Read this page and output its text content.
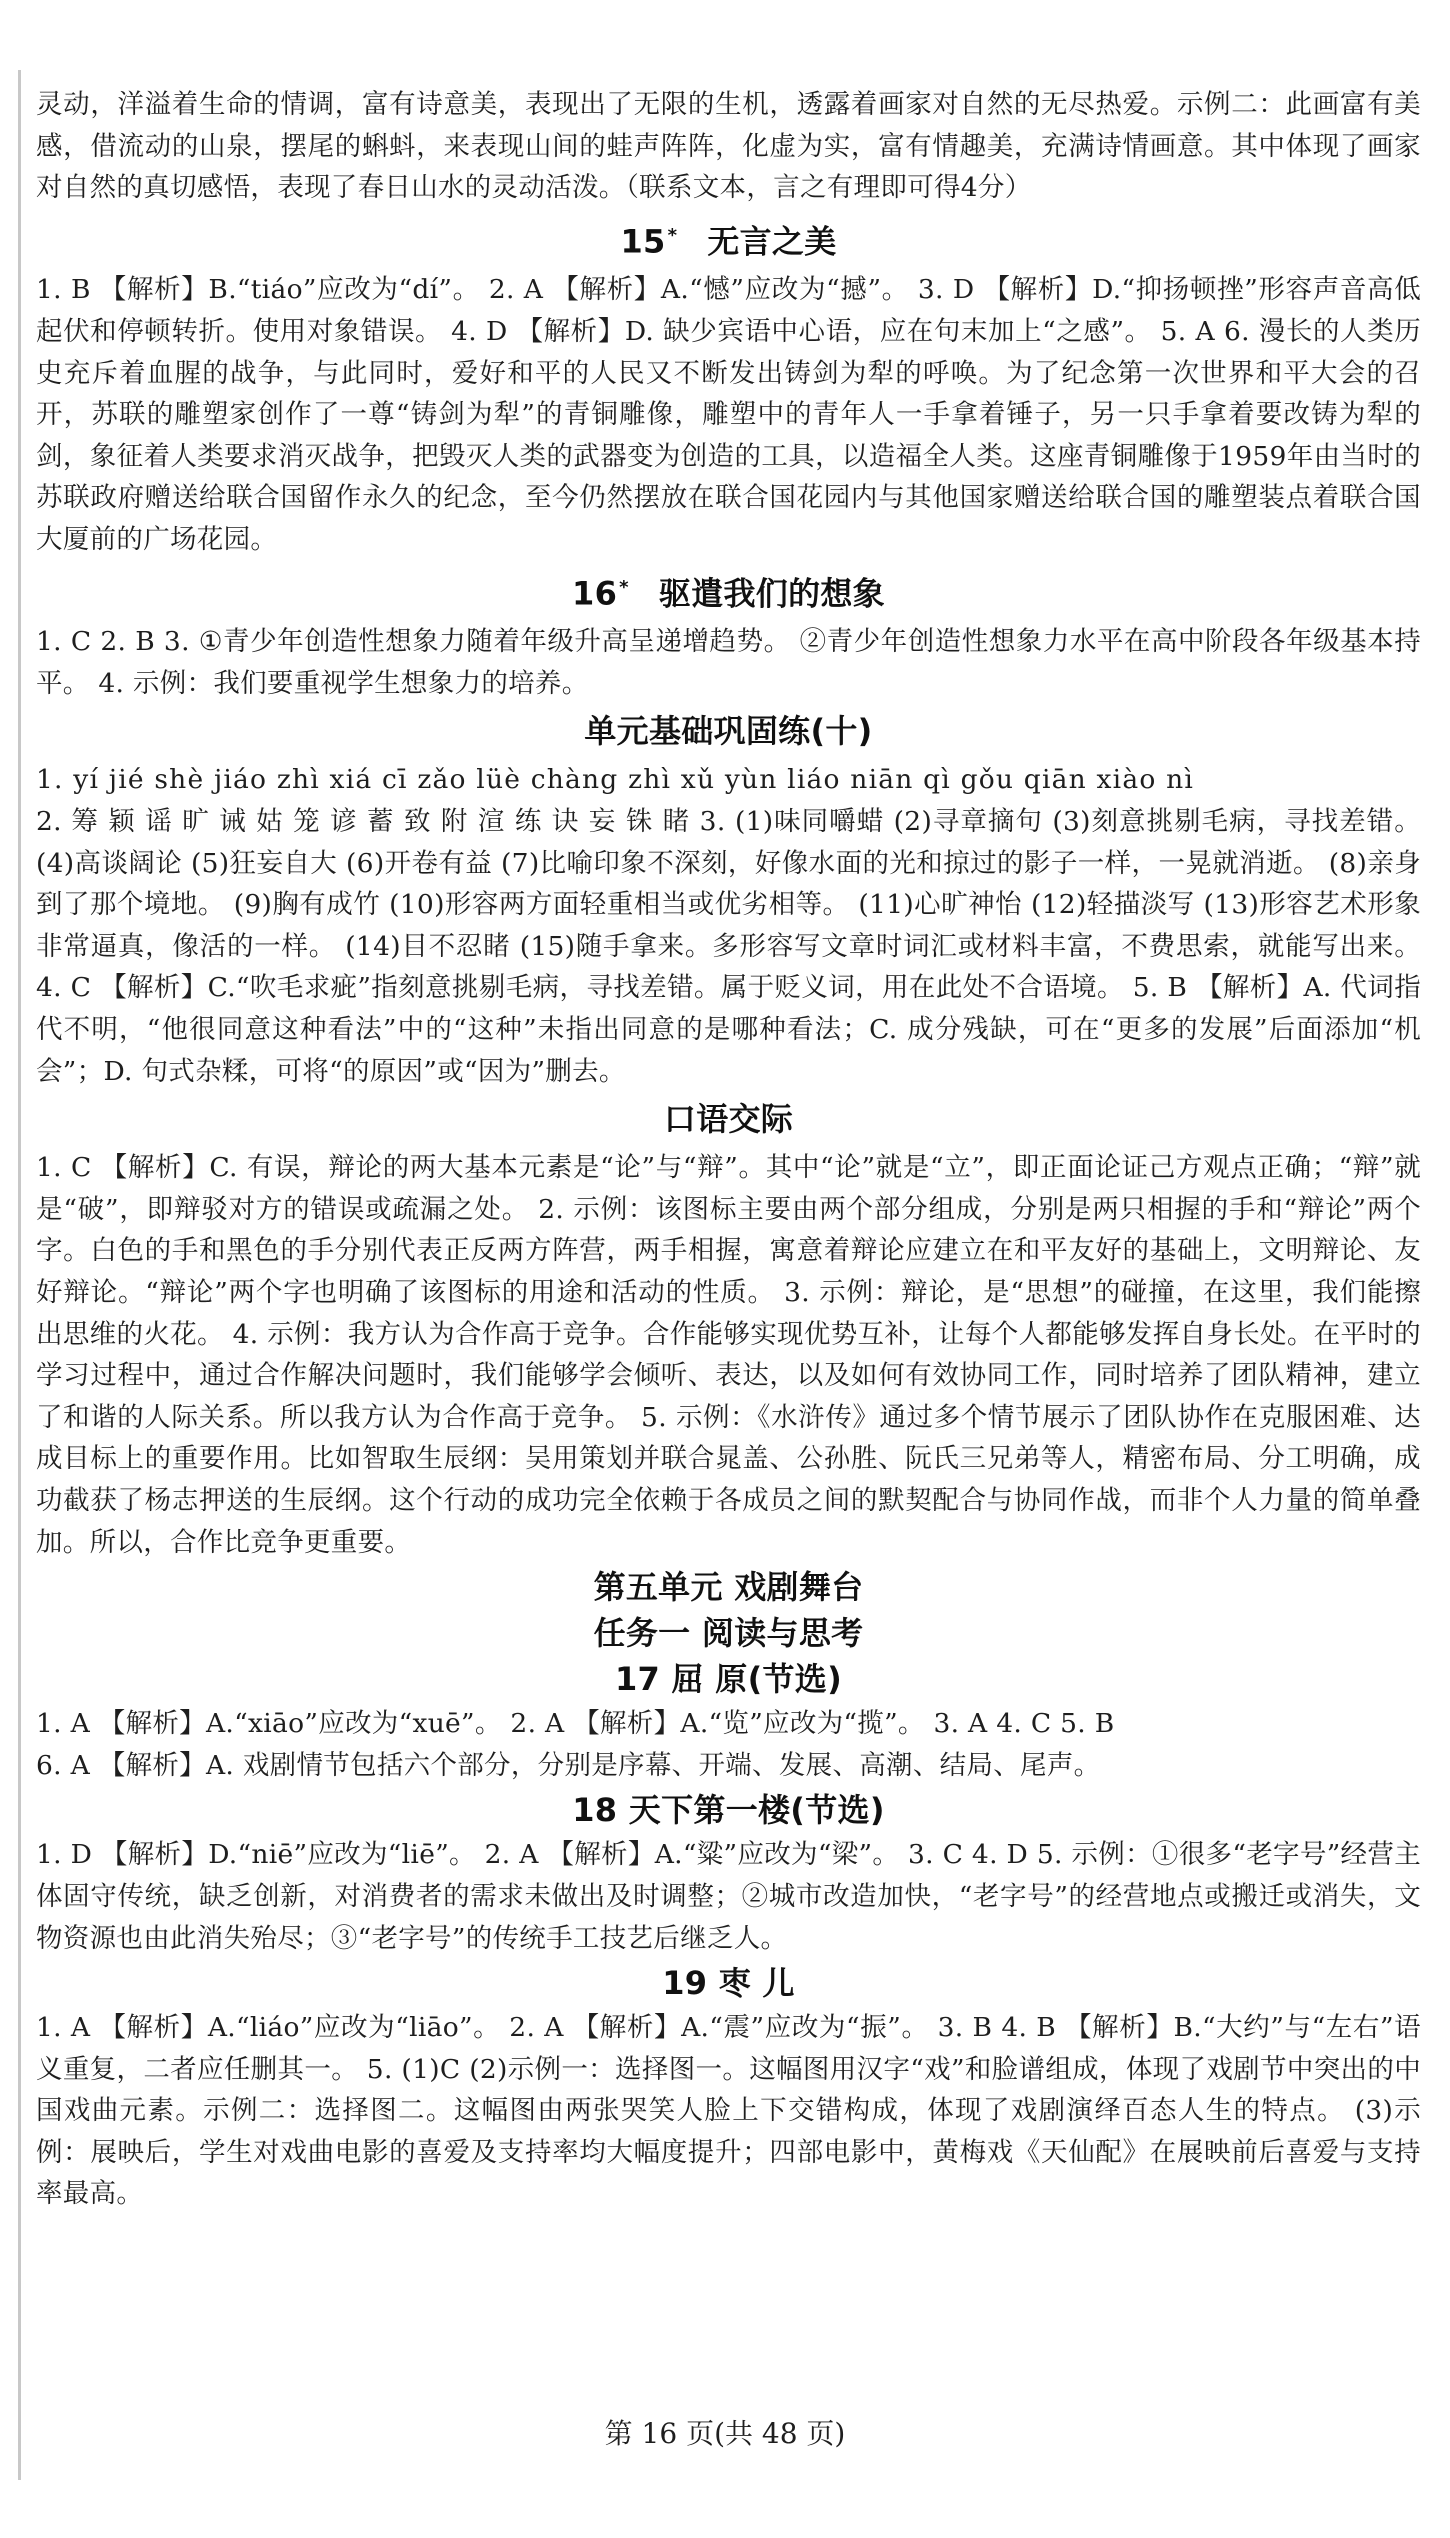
灵动，洋溢着生命的情调，富有诗意美，表现出了无限的生机，透露着画家对自然的无尽热爱。示例二：此画富有美感，借流动的山泉，摆尾的蝌蚪，来表现山间的蛙声阵阵，化虚为实，富有情趣美，充满诗情画意。其中体现了画家对自然的真切感悟，表现了春日山水的灵动活泼。（联系文本，言之有理即可得4分）

15 * 无言之美

1. B 【解析】B.“tiáo”应改为“dí”。 2. A 【解析】A.“憾”应改为“撼”。 3. D 【解析】D.“抑扬顿挫”形容声音高低起伏和停顿转折。使用对象错误。 4. D 【解析】D. 缺少宾语中心语，应在句末加上“之感”。 5. A 6. 漫长的人类历史充斥着血腥的战争，与此同时，爱好和平的人民又不断发出铸剑为犁的呼唤。为了纪念第一次世界和平大会的召开，苏联的雕塑家创作了一尊“铸剑为犁”的青铜雕像，雕塑中的青年人一手拿着锤子，另一只手拿着要改铸为犁的剑，象征着人类要求消灭战争，把毁灭人类的武器变为创造的工具，以造福全人类。这座青铜雕像于1959年由当时的苏联政府赠送给联合国留作永久的纪念，至今仍然摆放在联合国花园内与其他国家赠送给联合国的雕塑装点着联合国大厦前的广场花园。

16 * 驱遣我们的想象

1. C 2. B 3. ①青少年创造性想象力随着年级升高呈递增趋势。 ②青少年创造性想象力水平在高中阶段各年级基本持平。 4. 示例：我们要重视学生想象力的培养。

单元基础巩固练(十)

1. yí jié shè jiáo zhì xiá cī zǎo lüè chàng zhì xǔ yùn liáo niān qì gǒu qiān xiào nì

2. 筹 颖 谣 旷 诫 姑 笼 谚 蓄 致 附 渲 练 诀 妄 铢 睹 3. (1)味同嚼蜡 (2)寻章摘句 (3)刻意挑剔毛病，寻找差错。 (4)高谈阔论 (5)狂妄自大 (6)开卷有益 (7)比喻印象不深刻，好像水面的光和掠过的影子一样，一晃就消逝。 (8)亲身到了那个境地。 (9)胸有成竹 (10)形容两方面轻重相当或优劣相等。 (11)心旷神怡 (12)轻描淡写 (13)形容艺术形象非常逼真，像活的一样。 (14)目不忍睹 (15)随手拿来。多形容写文章时词汇或材料丰富，不费思索，就能写出来。 4. C 【解析】C.“吹毛求疵”指刻意挑剔毛病，寻找差错。属于贬义词，用在此处不合语境。 5. B 【解析】A. 代词指代不明，“他很同意这种看法”中的“这种”未指出同意的是哪种看法；C. 成分残缺，可在“更多的发展”后面添加“机会”；D. 句式杂糅，可将“的原因”或“因为”删去。

口语交际

1. C 【解析】C. 有误，辩论的两大基本元素是“论”与“辩”。其中“论”就是“立”，即正面论证己方观点正确；“辩”就是“破”，即辩驳对方的错误或疏漏之处。 2. 示例：该图标主要由两个部分组成，分别是两只相握的手和“辩论”两个字。白色的手和黑色的手分别代表正反两方阵营，两手相握，寓意着辩论应建立在和平友好的基础上，文明辩论、友好辩论。“辩论”两个字也明确了该图标的用途和活动的性质。 3. 示例：辩论，是“思想”的碰撞，在这里，我们能擦出思维的火花。 4. 示例：我方认为合作高于竞争。合作能够实现优势互补，让每个人都能够发挥自身长处。在平时的学习过程中，通过合作解决问题时，我们能够学会倾听、表达，以及如何有效协同工作，同时培养了团队精神，建立了和谐的人际关系。所以我方认为合作高于竞争。 5. 示例：《水浒传》通过多个情节展示了团队协作在克服困难、达成目标上的重要作用。比如智取生辰纲：吴用策划并联合晁盖、公孙胜、阮氏三兄弟等人，精密布局、分工明确，成功截获了杨志押送的生辰纲。这个行动的成功完全依赖于各成员之间的默契配合与协同作战，而非个人力量的简单叠加。所以，合作比竞争更重要。

第五单元 戏剧舞台
任务一 阅读与思考
17 屈 原(节选)

1. A 【解析】A.“xiāo”应改为“xuē”。 2. A 【解析】A.“览”应改为“揽”。 3. A 4. C 5. B

6. A 【解析】A. 戏剧情节包括六个部分，分别是序幕、开端、发展、高潮、结局、尾声。

18 天下第一楼(节选)

1. D 【解析】D.“niē”应改为“liē”。 2. A 【解析】A.“粱”应改为“梁”。 3. C 4. D 5. 示例：①很多“老字号”经营主体固守传统，缺乏创新，对消费者的需求未做出及时调整；②城市改造加快，“老字号”的经营地点或搬迁或消失，文物资源也由此消失殆尽；③“老字号”的传统手工技艺后继乏人。

19 枣 儿

1. A 【解析】A.“liáo”应改为“liāo”。 2. A 【解析】A.“震”应改为“振”。 3. B 4. B 【解析】B.“大约”与“左右”语义重复，二者应任删其一。 5. (1)C (2)示例一：选择图一。这幅图用汉字“戏”和脸谱组成，体现了戏剧节中突出的中国戏曲元素。示例二：选择图二。这幅图由两张哭笑人脸上下交错构成，体现了戏剧演绎百态人生的特点。 (3)示例：展映后，学生对戏曲电影的喜爱及支持率均大幅度提升；四部电影中，黄梅戏《天仙配》在展映前后喜爱与支持率最高。

第 16 页(共 48 页)
